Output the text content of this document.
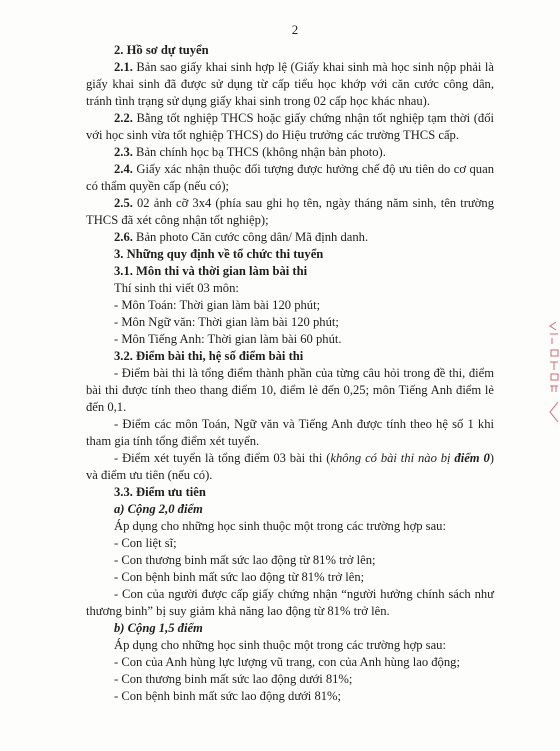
2

2. Hồ sơ dự tuyển

2.1. Bản sao giấy khai sinh hợp lệ (Giấy khai sinh mà học sinh nộp phải là giấy khai sinh đã được sử dụng từ cấp tiểu học khớp với căn cước công dân, tránh tình trạng sử dụng giấy khai sinh trong 02 cấp học khác nhau).

2.2. Bằng tốt nghiệp THCS hoặc giấy chứng nhận tốt nghiệp tạm thời (đối với học sinh vừa tốt nghiệp THCS) do Hiệu trưởng các trường THCS cấp.

2.3. Bản chính học bạ THCS (không nhận bản photo).

2.4. Giấy xác nhận thuộc đối tượng được hưởng chế độ ưu tiên do cơ quan có thẩm quyền cấp (nếu có);

2.5. 02 ảnh cỡ 3x4 (phía sau ghi họ tên, ngày tháng năm sinh, tên trường THCS đã xét công nhận tốt nghiệp);

2.6. Bản photo Căn cước công dân/ Mã định danh.

3. Những quy định về tổ chức thi tuyển

3.1. Môn thi và thời gian làm bài thi

Thí sinh thi viết 03 môn:

- Môn Toán: Thời gian làm bài 120 phút;

- Môn Ngữ văn: Thời gian làm bài 120 phút;

- Môn Tiếng Anh: Thời gian làm bài 60 phút.

3.2. Điểm bài thi, hệ số điểm bài thi

- Điểm bài thi là tổng điểm thành phần của từng câu hỏi trong đề thi, điểm bài thi được tính theo thang điểm 10, điểm lẻ đến 0,25; môn Tiếng Anh điểm lẻ đến 0,1.

- Điểm các môn Toán, Ngữ văn và Tiếng Anh được tính theo hệ số 1 khi tham gia tính tổng điểm xét tuyển.

- Điểm xét tuyển là tổng điểm 03 bài thi (không có bài thi nào bị điểm 0) và điểm ưu tiên (nếu có).

3.3. Điểm ưu tiên

a) Cộng 2,0 điểm

Áp dụng cho những học sinh thuộc một trong các trường hợp sau:

- Con liệt sĩ;

- Con thương binh mất sức lao động từ 81% trở lên;

- Con bệnh binh mất sức lao động từ 81% trở lên;

- Con của người được cấp giấy chứng nhận “người hưởng chính sách như thương binh” bị suy giảm khả năng lao động từ 81% trở lên.

b) Cộng 1,5 điểm

Áp dụng cho những học sinh thuộc một trong các trường hợp sau:

- Con của Anh hùng lực lượng vũ trang, con của Anh hùng lao động;

- Con thương binh mất sức lao động dưới 81%;

- Con bệnh binh mất sức lao động dưới 81%;
